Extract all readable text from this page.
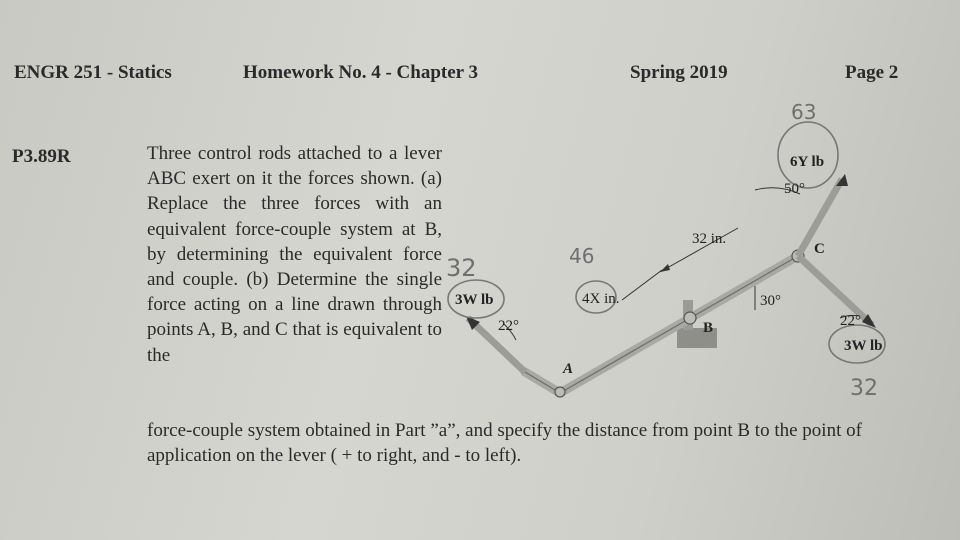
ENGR 251 - Statics	Homework No. 4 - Chapter 3	Spring 2019	Page 2
P3.89R	Three control rods attached to a lever ABC exert on it the forces shown. (a) Replace the three forces with an equivalent force-couple system at B, by determining the equivalent force and couple. (b) Determine the single force acting on a line drawn through points A, B, and C that is equivalent to the
force-couple system obtained in Part ”a”, and specify the distance from point B to the point of application on the lever ( + to right, and - to left).
3W lb
6Y lb
3W lb
4X in.
32 in.
22°
50°
22°
30°
A
B
C
63
32	46
32
